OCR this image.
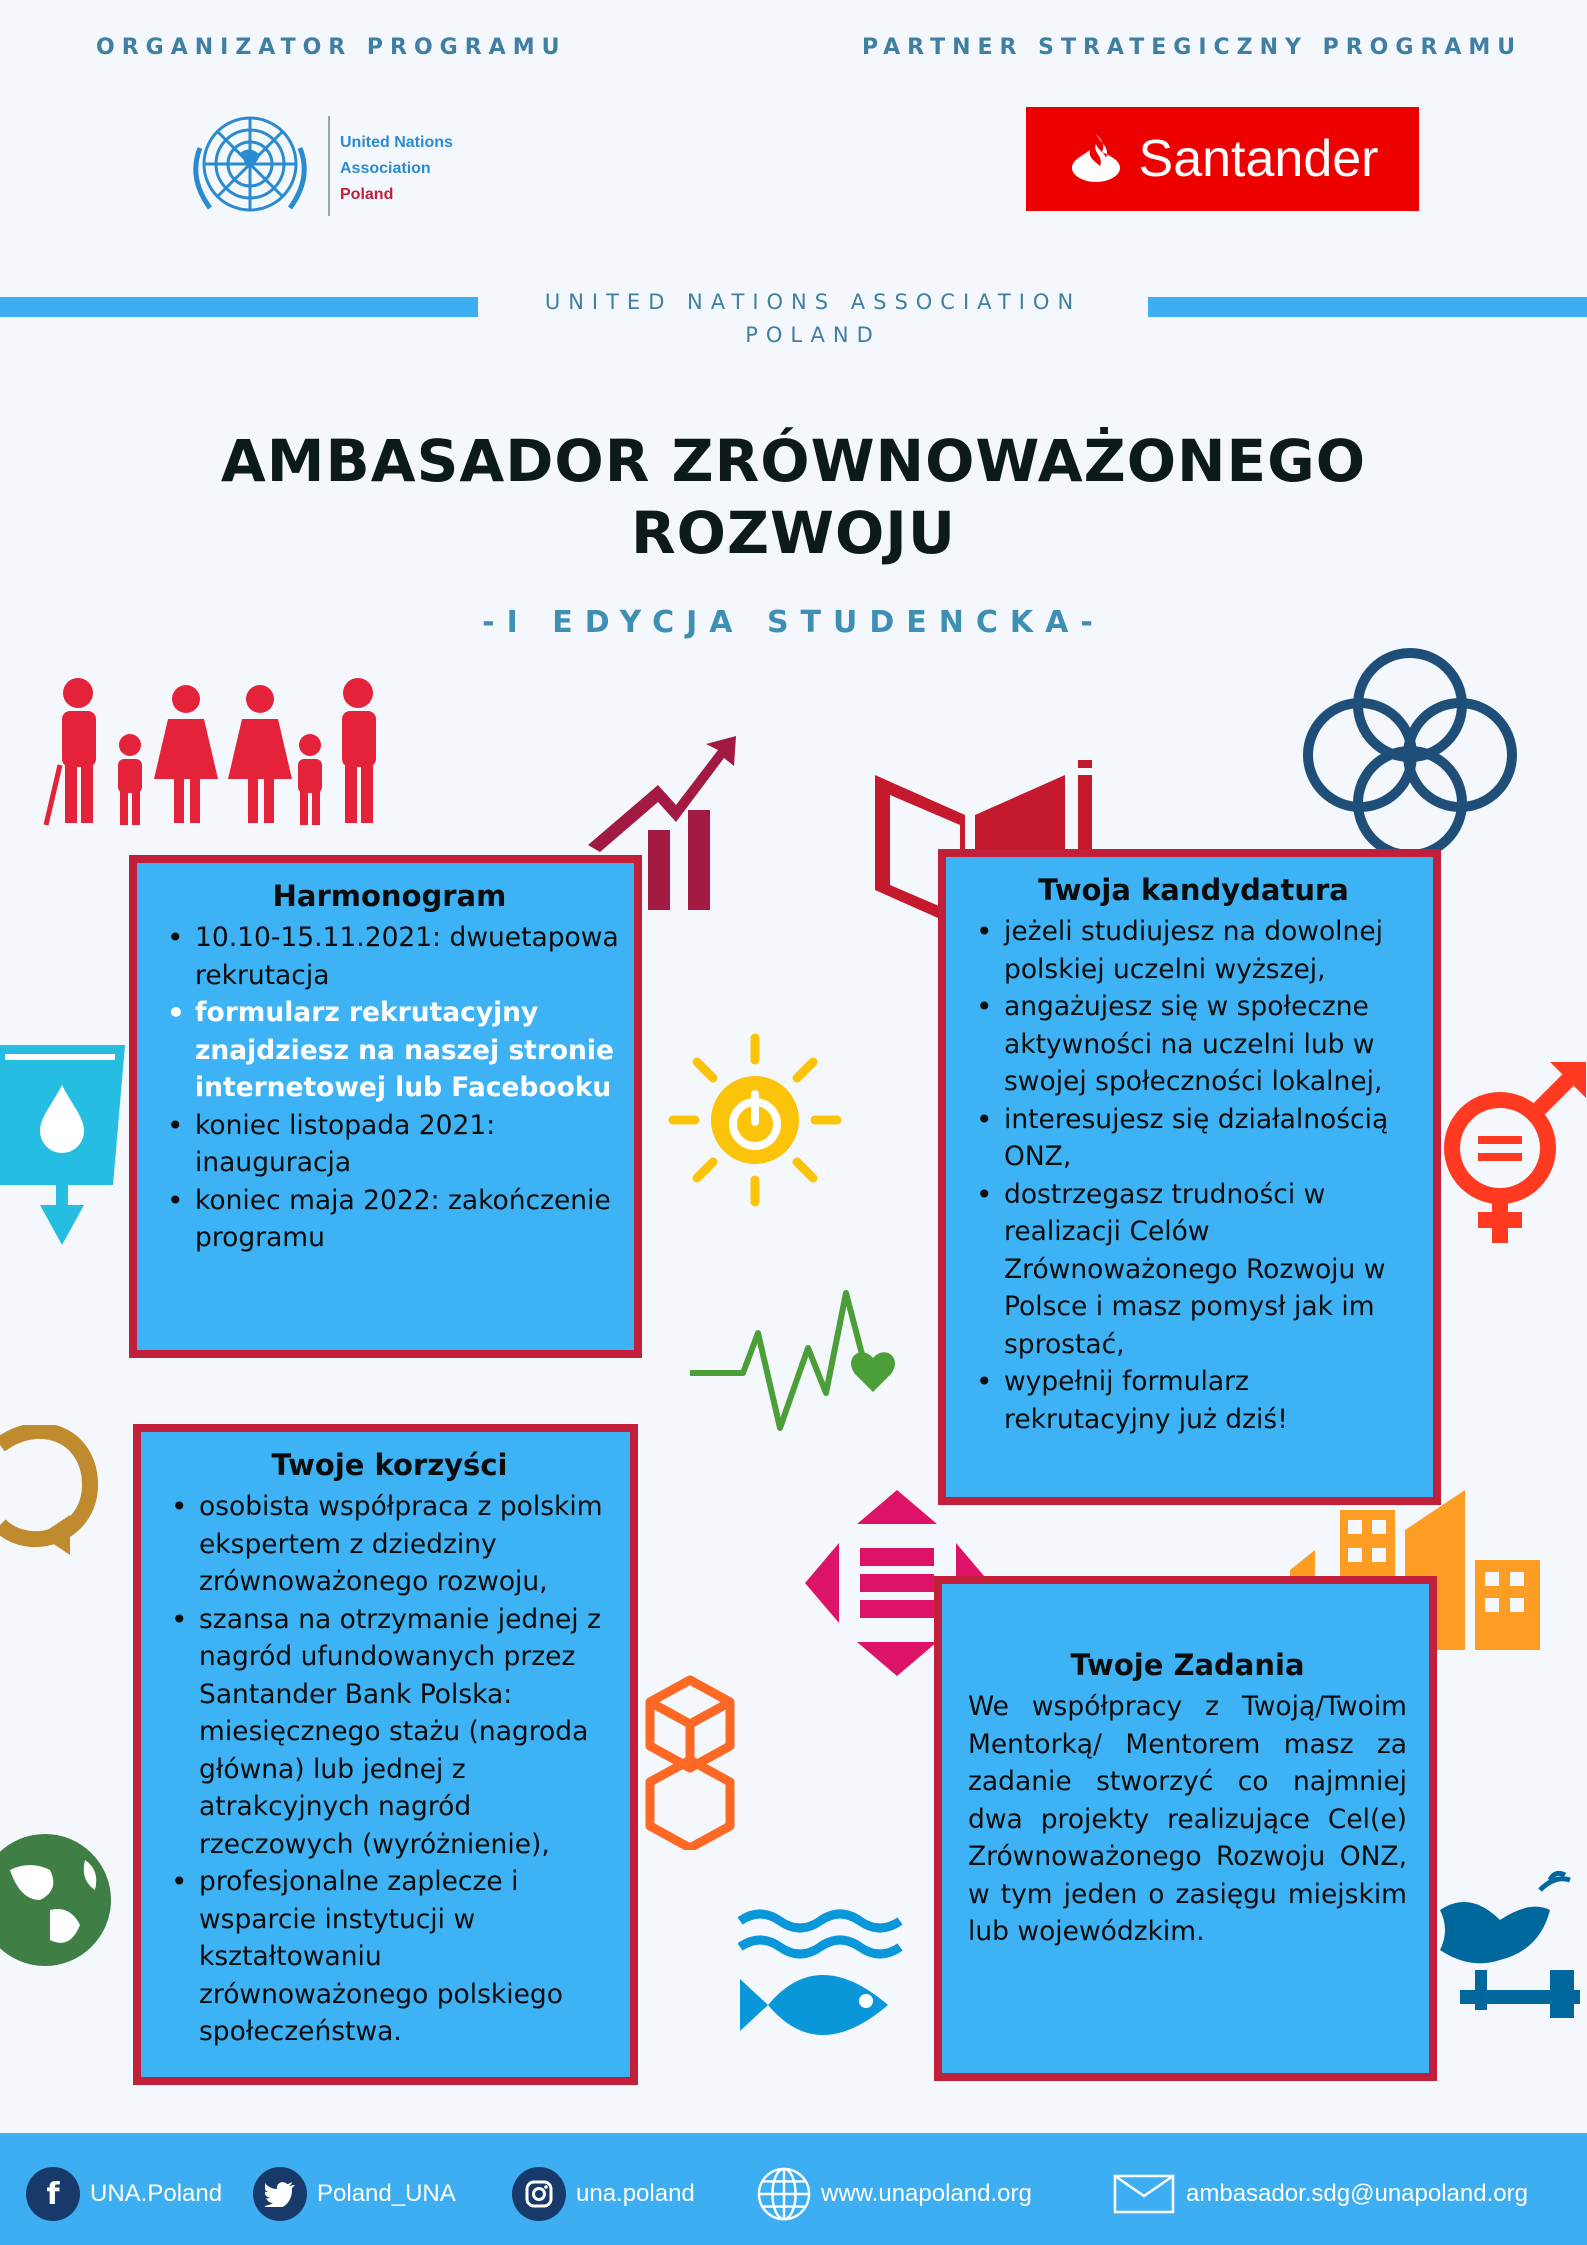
ORGANIZATOR PROGRAMU	PARTNER STRATEGICZNY PROGRAMU
United Nations
Association
Poland
Santander
UNITED NATIONS ASSOCIATION
POLAND
AMBASADOR ZRÓWNOWAŻONEGO
ROZWOJU
-I EDYCJA STUDENCKA-
Harmonogram
• 10.10-15.11.2021: dwuetapowa rekrutacja
• formularz rekrutacyjny znajdziesz na naszej stronie internetowej lub Facebooku
• koniec listopada 2021: inauguracja
• koniec maja 2022: zakończenie programu
Twoja kandydatura
• jeżeli studiujesz na dowolnej polskiej uczelni wyższej,
• angażujesz się w społeczne aktywności na uczelni lub w swojej społeczności lokalnej,
• interesujesz się działalnością ONZ,
• dostrzegasz trudności w realizacji Celów Zrównoważonego Rozwoju w Polsce i masz pomysł jak im sprostać,
• wypełnij formularz rekrutacyjny już dziś!
Twoje korzyści
• osobista współpraca z polskim ekspertem z dziedziny zrównoważonego rozwoju,
• szansa na otrzymanie jednej z nagród ufundowanych przez Santander Bank Polska: miesięcznego stażu (nagroda główna) lub jednej z atrakcyjnych nagród rzeczowych (wyróżnienie),
• profesjonalne zaplecze i wsparcie instytucji w kształtowaniu zrównoważonego polskiego społeczeństwa.
Twoje Zadania

We współpracy z Twoją/Twoim Mentorką/ Mentorem masz za zadanie stworzyć co najmniej dwa projekty realizujące Cel(e) Zrównoważonego Rozwoju ONZ, w tym jeden o zasięgu miejskim lub wojewódzkim.

f	UNA.Poland	Poland_UNA	una.poland	www.unapoland.org	ambasador.sdg@unapoland.org
